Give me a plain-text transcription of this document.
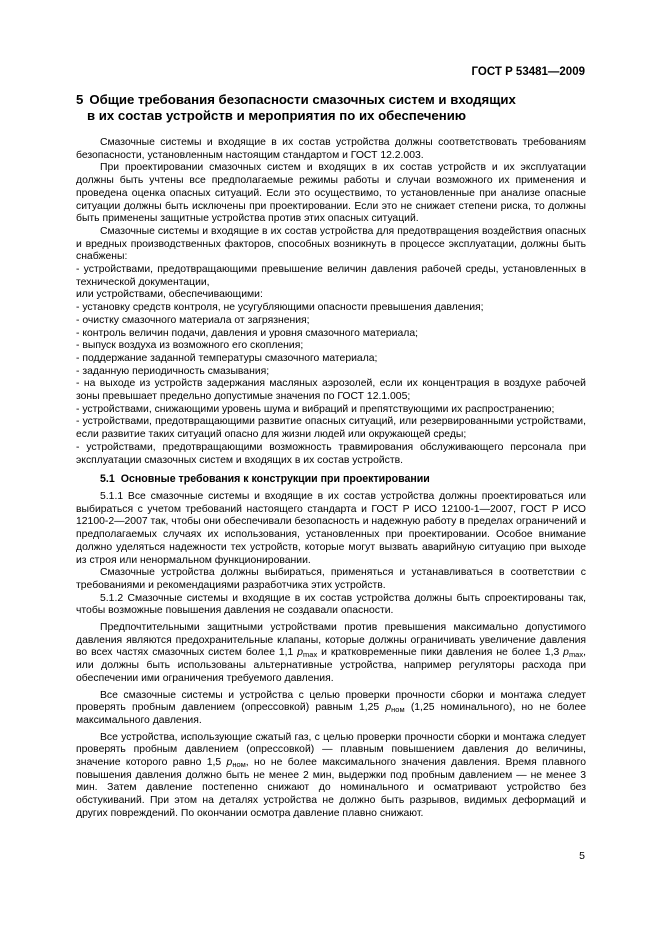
ГОСТ Р 53481—2009
5 Общие требования безопасности смазочных систем и входящих
в их состав устройств и мероприятия по их обеспечению

Смазочные системы и входящие в их состав устройства должны соответствовать требованиям безопасности, установленным настоящим стандартом и ГОСТ 12.2.003.

При проектировании смазочных систем и входящих в их состав устройств и их эксплуатации должны быть учтены все предполагаемые режимы работы и случаи возможного их применения и проведена оценка опасных ситуаций. Если это осуществимо, то установленные при анализе опасные ситуации должны быть исключены при проектировании. Если это не снижает степени риска, то должны быть применены защитные устройства против этих опасных ситуаций.

Смазочные системы и входящие в их состав устройства для предотвращения воздействия опасных и вредных производственных факторов, способных возникнуть в процессе эксплуатации, должны быть снабжены:

- устройствами, предотвращающими превышение величин давления рабочей среды, установленных в технической документации,
или устройствами, обеспечивающими:
- установку средств контроля, не усугубляющими опасности превышения давления;
- очистку смазочного материала от загрязнения;
- контроль величин подачи, давления и уровня смазочного материала;
- выпуск воздуха из возможного его скопления;
- поддержание заданной температуры смазочного материала;
- заданную периодичность смазывания;
- на выходе из устройств задержания масляных аэрозолей, если их концентрация в воздухе рабочей зоны превышает предельно допустимые значения по ГОСТ 12.1.005;
- устройствами, снижающими уровень шума и вибраций и препятствующими их распространению;
- устройствами, предотвращающими развитие опасных ситуаций, или резервированными устройствами, если развитие таких ситуаций опасно для жизни людей или окружающей среды;
- устройствами, предотвращающими возможность травмирования обслуживающего персонала при эксплуатации смазочных систем и входящих в их состав устройств.
5.1 Основные требования к конструкции при проектировании

5.1.1 Все смазочные системы и входящие в их состав устройства должны проектироваться или выбираться с учетом требований настоящего стандарта и ГОСТ Р ИСО 12100-1—2007, ГОСТ Р ИСО 12100-2—2007 так, чтобы они обеспечивали безопасность и надежную работу в пределах ограничений и предполагаемых случаях их использования, установленных при проектировании. Особое внимание должно уделяться надежности тех устройств, которые могут вызвать аварийную ситуацию при выходе из строя или ненормальном функционировании.

Смазочные устройства должны выбираться, применяться и устанавливаться в соответствии с требованиями и рекомендациями разработчика этих устройств.

5.1.2 Смазочные системы и входящие в их состав устройства должны быть спроектированы так, чтобы возможные повышения давления не создавали опасности.

Предпочтительными защитными устройствами против превышения максимально допустимого давления являются предохранительные клапаны, которые должны ограничивать увеличение давления во всех частях смазочных систем более 1,1 $p_{max}$ и кратковременные пики давления не более 1,3 $p_{max}$, или должны быть использованы альтернативные устройства, например регуляторы расхода при обеспечении ими ограничения требуемого давления.

Все смазочные системы и устройства с целью проверки прочности сборки и монтажа следует проверять пробным давлением (опрессовкой) равным 1,25 $p_{ном}$ (1,25 номинального), но не более максимального давления.

Все устройства, использующие сжатый газ, с целью проверки прочности сборки и монтажа следует проверять пробным давлением (опрессовкой) — плавным повышением давления до величины, значение которого равно 1,5 $p_{ном}$, но не более максимального значения давления. Время плавного повышения давления должно быть не менее 2 мин, выдержки под пробным давлением — не менее 3 мин. Затем давление постепенно снижают до номинального и осматривают устройство без обстукиваний. При этом на деталях устройства не должно быть разрывов, видимых деформаций и других повреждений. По окончании осмотра давление плавно снижают.

5
